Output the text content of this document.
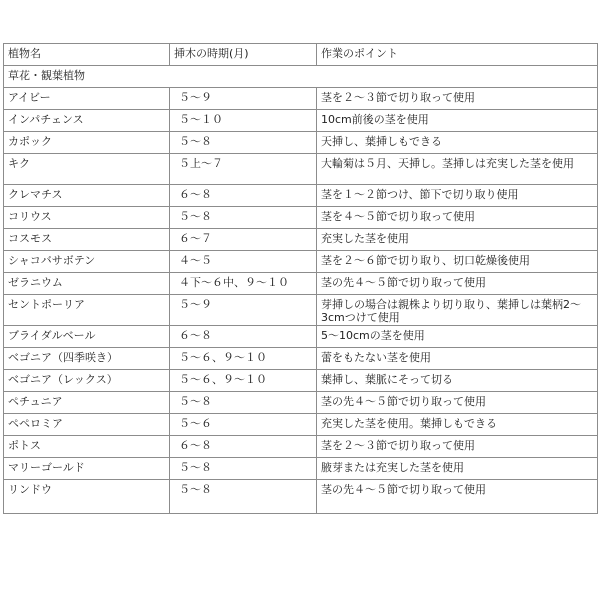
植物名	挿木の時期(月)	作業のポイント
草花・観葉植物		
アイビー	５～９	茎を２～３節で切り取って使用
インパチェンス	５～１０	10cm前後の茎を使用
カポック	５～８	天挿し、葉挿しもできる
キク	５上～７	大輪菊は５月、天挿し。茎挿しは充実した茎を使用
クレマチス	６～８	茎を１～２節つけ、節下で切り取り使用
コリウス	５～８	茎を４～５節で切り取って使用
コスモス	６～７	充実した茎を使用
シャコバサボテン	４～５	茎を２～６節で切り取り、切口乾燥後使用
ゼラニウム	４下～６中、９～１０	茎の先４～５節で切り取って使用
セントポーリア	５～９	芽挿しの場合は親株より切り取り、葉挿しは葉柄2～3cmつけて使用
ブライダルベール	６～８	5～10cmの茎を使用
ベゴニア（四季咲き）	５～６、９～１０	蕾をもたない茎を使用
ベゴニア（レックス）	５～６、９～１０	葉挿し、葉脈にそって切る
ペチュニア	５～８	茎の先４～５節で切り取って使用
ペペロミア	５～６	充実した茎を使用。葉挿しもできる
ポトス	６～８	茎を２～３節で切り取って使用
マリーゴールド	５～８	腋芽または充実した茎を使用
リンドウ	５～８	茎の先４～５節で切り取って使用
